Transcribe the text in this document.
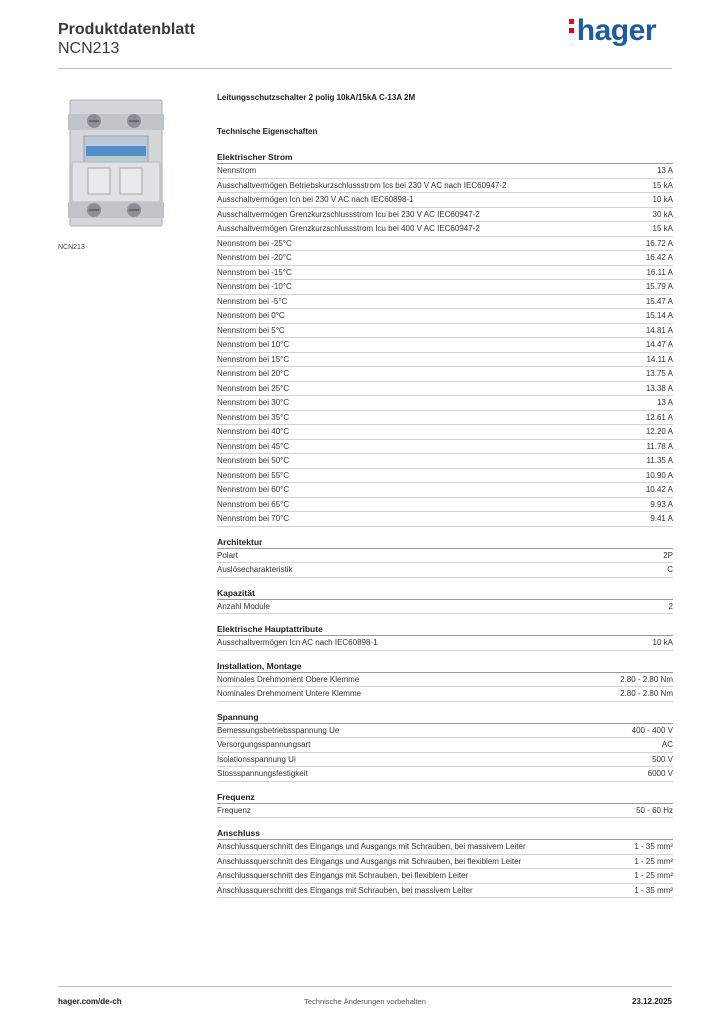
Produktdatenblatt
NCN213
hager
NCN213
Leitungsschutzschalter 2 polig 10kA/15kA C-13A 2M
Technische Eigenschaften
Elektrischer Strom
Nennstrom	13 A
Ausschaltvermögen Betriebskurzschlussstrom Ics bei 230 V AC nach IEC60947-2	15 kA
Ausschaltvermögen Icn bei 230 V AC nach IEC60898-1	10 kA
Ausschaltvermögen Grenzkurzschlussstrom Icu bei 230 V AC IEC60947-2	30 kA
Ausschaltvermögen Grenzkurzschlussstrom Icu bei 400 V AC IEC60947-2	15 kA
Nennstrom bei -25°C	16.72 A
Nennstrom bei -20°C	16.42 A
Nennstrom bei -15°C	16.11 A
Nennstrom bei -10°C	15.79 A
Nennstrom bei -5°C	15.47 A
Nennstrom bei 0°C	15.14 A
Nennstrom bei 5°C	14.81 A
Nennstrom bei 10°C	14.47 A
Nennstrom bei 15°C	14.11 A
Nennstrom bei 20°C	13.75 A
Nennstrom bei 25°C	13.38 A
Nennstrom bei 30°C	13 A
Nennstrom bei 35°C	12.61 A
Nennstrom bei 40°C	12.20 A
Nennstrom bei 45°C	11.78 A
Nennstrom bei 50°C	11.35 A
Nennstrom bei 55°C	10.90 A
Nennstrom bei 60°C	10.42 A
Nennstrom bei 65°C	9.93 A
Nennstrom bei 70°C	9.41 A
Architektur
Polart	2P
Auslösecharakteristik	C
Kapazität
Anzahl Module	2
Elektrische Hauptattribute
Ausschaltvermögen Icn AC nach IEC60898-1	10 kA
Installation, Montage
Nominales Drehmoment Obere Klemme	2.80 - 2.80 Nm
Nominales Drehmoment Untere Klemme	2.80 - 2.80 Nm
Spannung
Bemessungsbetriebsspannung Ue	400 - 400 V
Versorgungsspannungsart	AC
Isolationsspannung Ui	500 V
Stossspannungsfestigkeit	6000 V
Frequenz
Frequenz	50 - 60 Hz
Anschluss
Anschlussquerschnitt des Eingangs und Ausgangs mit Schrauben, bei massivem Leiter	1 - 35 mm²
Anschlussquerschnitt des Eingangs und Ausgangs mit Schrauben, bei flexiblem Leiter	1 - 25 mm²
Anschlussquerschnitt des Eingangs mit Schrauben, bei flexiblem Leiter	1 - 25 mm²
Anschlussquerschnitt des Eingangs mit Schrauben, bei massivem Leiter	1 - 35 mm²
hager.com/de-ch	Technische Änderungen vorbehalten	23.12.2025
